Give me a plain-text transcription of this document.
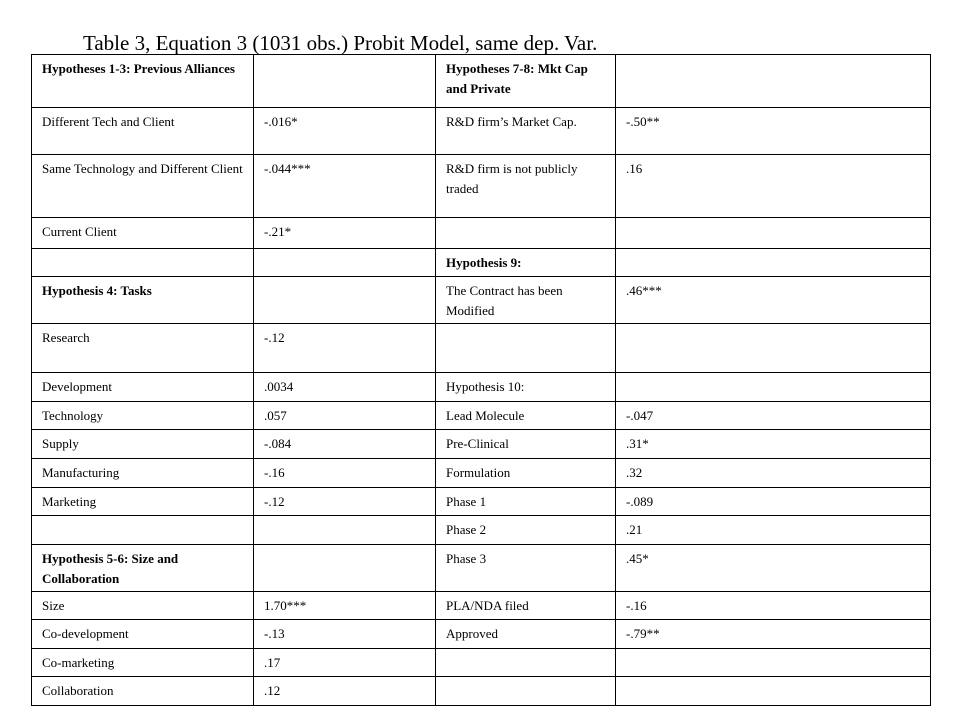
Table 3, Equation 3 (1031 obs.) Probit Model, same dep. Var.
Hypotheses 1-3: Previous Alliances		Hypotheses 7-8: Mkt Cap and Private	
Different Tech and Client	-.016*	R&D firm’s Market Cap.	-.50**
Same Technology and Different Client	-.044***	R&D firm is not publicly traded	.16
Current Client	-.21*		
		Hypothesis 9:	
Hypothesis 4: Tasks		The Contract has been Modified	.46***
Research	-.12		
Development	.0034	Hypothesis 10:	
Technology	.057	Lead Molecule	-.047
Supply	-.084	Pre-Clinical	.31*
Manufacturing	-.16	Formulation	.32
Marketing	-.12	Phase 1	-.089
		Phase 2	.21
Hypothesis 5-6: Size and Collaboration		Phase 3	.45*
Size	1.70***	PLA/NDA filed	-.16
Co-development	-.13	Approved	-.79**
Co-marketing	.17		
Collaboration	.12		
